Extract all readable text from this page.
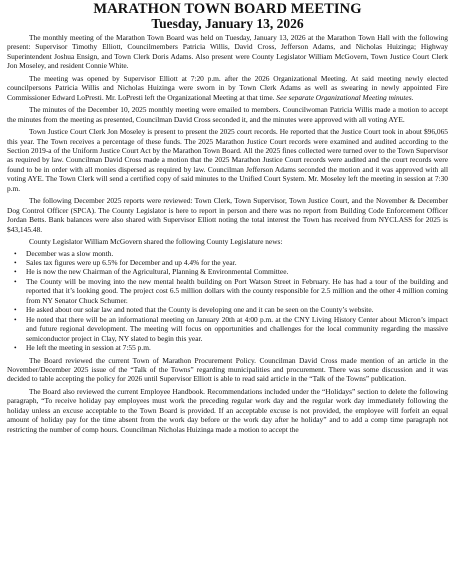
MARATHON TOWN BOARD MEETING
Tuesday, January 13, 2026

The monthly meeting of the Marathon Town Board was held on Tuesday, January 13, 2026 at the Marathon Town Hall with the following present: Supervisor Timothy Elliott, Councilmembers Patricia Willis, David Cross, Jefferson Adams, and Nicholas Huizinga; Highway Superintendent Joshua Ensign, and Town Clerk Doris Adams. Also present were County Legislator William McGovern, Town Justice Court Clerk Jon Moseley, and resident Connie White.

The meeting was opened by Supervisor Elliott at 7:20 p.m. after the 2026 Organizational Meeting. At said meeting newly elected councilpersons Patricia Willis and Nicholas Huizinga were sworn in by Town Clerk Adams as well as swearing in newly appointed Fire Commissioner Edward LoPresti. Mr. LoPresti left the Organizational Meeting at that time. See separate Organizational Meeting minutes.

The minutes of the December 10, 2025 monthly meeting were emailed to members. Councilwoman Patricia Willis made a motion to accept the minutes from the meeting as presented, Councilman David Cross seconded it, and the minutes were approved with all voting AYE.

Town Justice Court Clerk Jon Moseley is present to present the 2025 court records. He reported that the Justice Court took in about $96,065 this year. The Town receives a percentage of these funds. The 2025 Marathon Justice Court records were examined and audited according to the Section 2019-a of the Uniform Justice Court Act by the Marathon Town Board. All the 2025 fines collected were turned over to the Town Supervisor as required by law. Councilman David Cross made a motion that the 2025 Marathon Justice Court records were audited and the court records were found to be in order with all monies dispersed as required by law. Councilman Jefferson Adams seconded the motion and it was approved with all voting AYE. The Town Clerk will send a certified copy of said minutes to the Unified Court System. Mr. Moseley left the meeting in session at 7:30 p.m.

The following December 2025 reports were reviewed: Town Clerk, Town Supervisor, Town Justice Court, and the November & December Dog Control Officer (SPCA). The County Legislator is here to report in person and there was no report from Building Code Enforcement Officer Jordan Betts. Bank balances were also shared with Supervisor Elliott noting the total interest the Town has received from NYCLASS for 2025 is $43,145.48.

County Legislator William McGovern shared the following County Legislature news:

• December was a slow month.
• Sales tax figures were up 6.5% for December and up 4.4% for the year.
• He is now the new Chairman of the Agricultural, Planning & Environmental Committee.
• The County will be moving into the new mental health building on Port Watson Street in February. He has had a tour of the building and reported that it’s looking good. The project cost 6.5 million dollars with the county responsible for 2.5 million and the other 4 million coming from NY Senator Chuck Schumer.
• He asked about our solar law and noted that the County is developing one and it can be seen on the County’s website.
• He noted that there will be an informational meeting on January 20th at 4:00 p.m. at the CNY Living History Center about Micron’s impact and future regional development. The meeting will focus on opportunities and challenges for the local community regarding the massive semiconductor project in Clay, NY slated to begin this year.
• He left the meeting in session at 7:55 p.m.

The Board reviewed the current Town of Marathon Procurement Policy. Councilman David Cross made mention of an article in the November/December 2025 issue of the “Talk of the Towns” regarding municipalities and procurement. There was some discussion and it was decided to table accepting the policy for 2026 until Supervisor Elliott is able to read said article in the “Talk of the Towns” publication.

The Board also reviewed the current Employee Handbook. Recommendations included under the “Holidays” section to delete the following paragraph, “To receive holiday pay employees must work the preceding regular work day and the regular work day immediately following the holiday unless an excuse acceptable to the Town Board is provided. If an acceptable excuse is not provided, the employee will forfeit an equal amount of holiday pay for the time absent from the work day before or the work day after he holiday” and to add a comp time paragraph not restricting the number of comp hours. Councilman Nicholas Huizinga made a motion to accept the
